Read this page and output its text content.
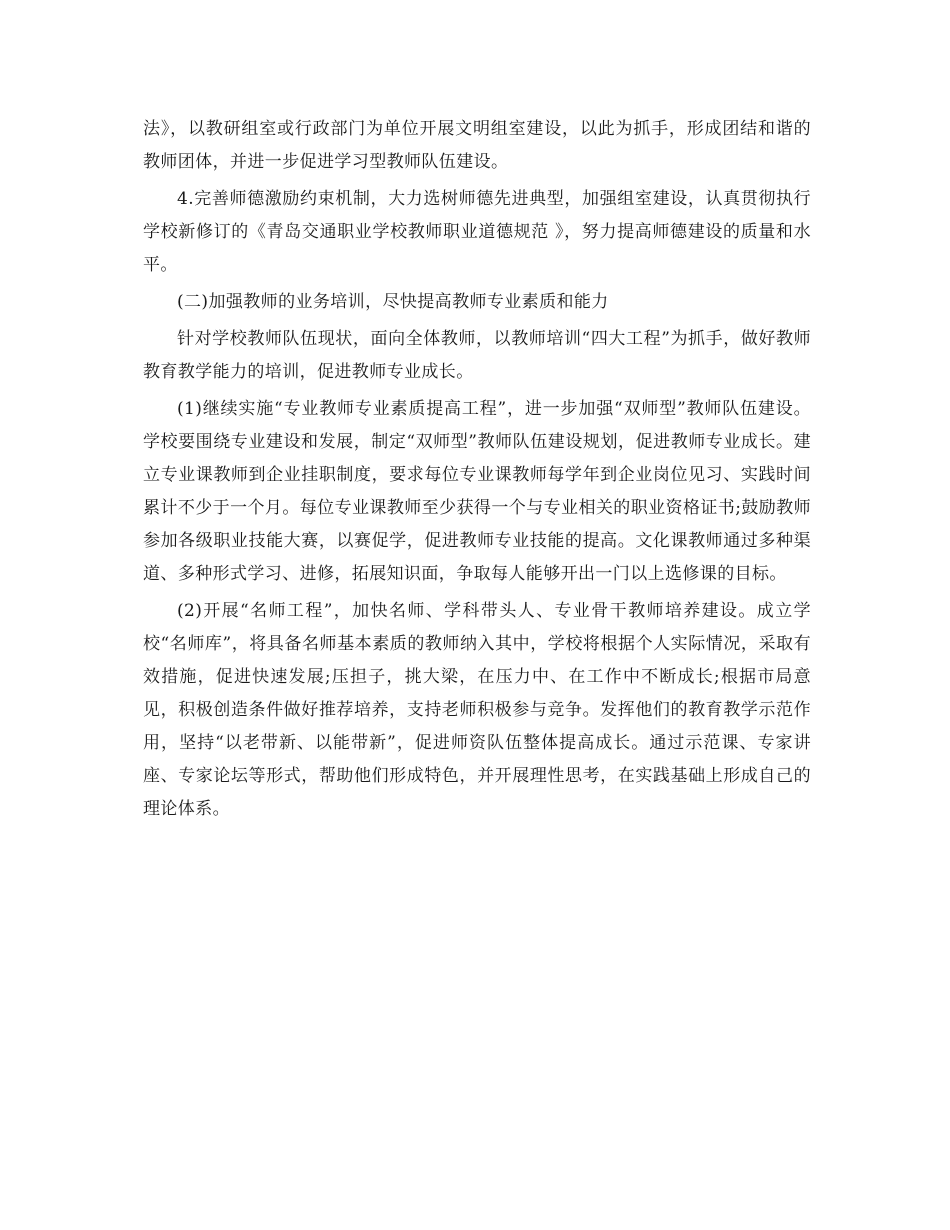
法》，以教研组室或行政部门为单位开展文明组室建设，以此为抓手，形成团结和谐的教师团体，并进一步促进学习型教师队伍建设。

4.完善师德激励约束机制，大力选树师德先进典型，加强组室建设，认真贯彻执行学校新修订的《青岛交通职业学校教师职业道德规范 》，努力提高师德建设的质量和水平。

(二)加强教师的业务培训，尽快提高教师专业素质和能力

针对学校教师队伍现状，面向全体教师，以教师培训“四大工程”为抓手，做好教师教育教学能力的培训，促进教师专业成长。

(1)继续实施“专业教师专业素质提高工程”，进一步加强“双师型”教师队伍建设。学校要围绕专业建设和发展，制定“双师型”教师队伍建设规划，促进教师专业成长。建立专业课教师到企业挂职制度，要求每位专业课教师每学年到企业岗位见习、实践时间累计不少于一个月。每位专业课教师至少获得一个与专业相关的职业资格证书;鼓励教师参加各级职业技能大赛，以赛促学，促进教师专业技能的提高。文化课教师通过多种渠道、多种形式学习、进修，拓展知识面，争取每人能够开出一门以上选修课的目标。

(2)开展“名师工程”，加快名师、学科带头人、专业骨干教师培养建设。成立学校“名师库”，将具备名师基本素质的教师纳入其中，学校将根据个人实际情况，采取有效措施，促进快速发展;压担子，挑大梁，在压力中、在工作中不断成长;根据市局意见，积极创造条件做好推荐培养，支持老师积极参与竞争。发挥他们的教育教学示范作用，坚持“以老带新、以能带新”，促进师资队伍整体提高成长。通过示范课、专家讲座、专家论坛等形式，帮助他们形成特色，并开展理性思考，在实践基础上形成自己的理论体系。
